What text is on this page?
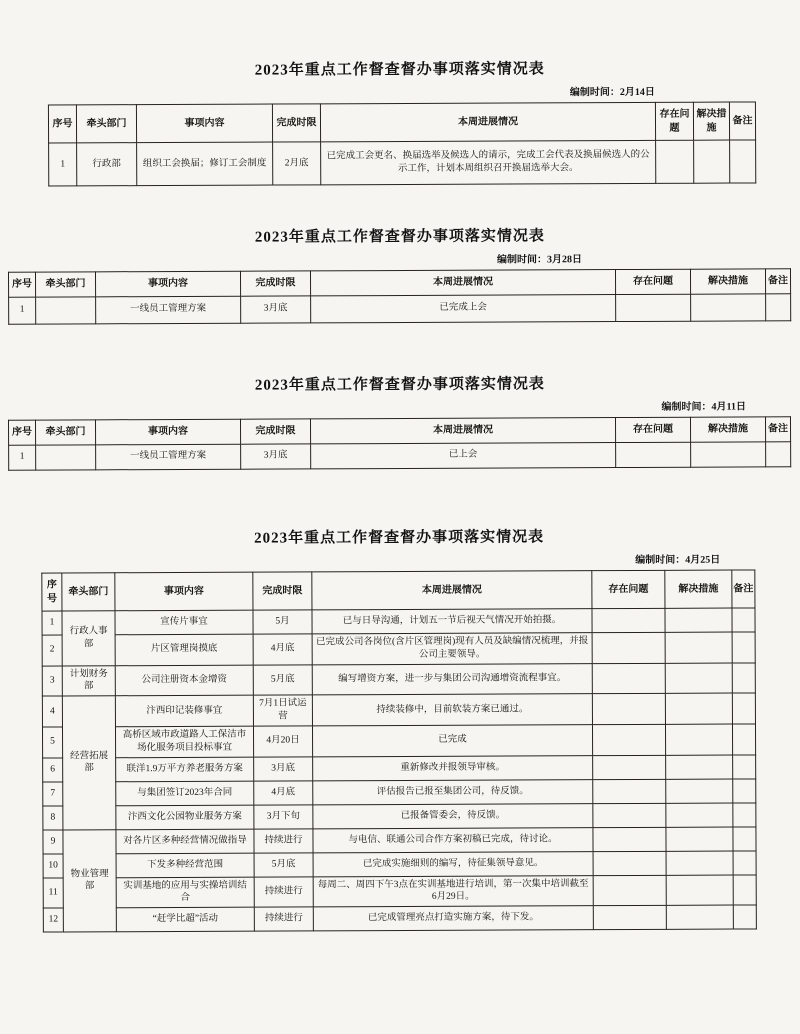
2023年重点工作督查督办事项落实情况表
编制时间：2月14日
序号	牵头部门	事项内容	完成时限	本周进展情况	存在问题	解决措施	备注
1	行政部	组织工会换届；修订工会制度	2月底	已完成工会更名、换届选举及候选人的请示，完成工会代表及换届候选人的公示工作，计划本周组织召开换届选举大会。			
2023年重点工作督查督办事项落实情况表
编制时间：3月28日
序号	牵头部门	事项内容	完成时限	本周进展情况	存在问题	解决措施	备注
1		一线员工管理方案	3月底	已完成上会			
2023年重点工作督查督办事项落实情况表
编制时间：4月11日
序号	牵头部门	事项内容	完成时限	本周进展情况	存在问题	解决措施	备注
1		一线员工管理方案	3月底	已上会			
2023年重点工作督查督办事项落实情况表
编制时间：4月25日
序号	牵头部门	事项内容	完成时限	本周进展情况	存在问题	解决措施	备注
1	行政人事部	宣传片事宜	5月	已与日导沟通，计划五一节后视天气情况开始拍摄。			
2		片区管理岗摸底	4月底	已完成公司各岗位(含片区管理岗)现有人员及缺编情况梳理，并报公司主要领导。			
3	计划财务部	公司注册资本金增资	5月底	编写增资方案，进一步与集团公司沟通增资流程事宜。			
4	经营拓展部	汴西印记装修事宜	7月1日试运营	持续装修中，目前软装方案已通过。			
5		高桥区域市政道路人工保洁市场化服务项目投标事宜	4月20日	已完成			
6		联洋1.9万平方养老服务方案	3月底	重新修改并报领导审核。			
7		与集团签订2023年合同	4月底	评估报告已报至集团公司，待反馈。			
8		汴西文化公园物业服务方案	3月下旬	已报备管委会，待反馈。			
9	物业管理部	对各片区多种经营情况做指导	持续进行	与电信、联通公司合作方案初稿已完成，待讨论。			
10		下发多种经营范围	5月底	已完成实施细则的编写，待征集领导意见。			
11		实训基地的应用与实操培训结合	持续进行	每周二、周四下午3点在实训基地进行培训，第一次集中培训截至6月29日。			
12		“赶学比超”活动	持续进行	已完成管理亮点打造实施方案，待下发。			
